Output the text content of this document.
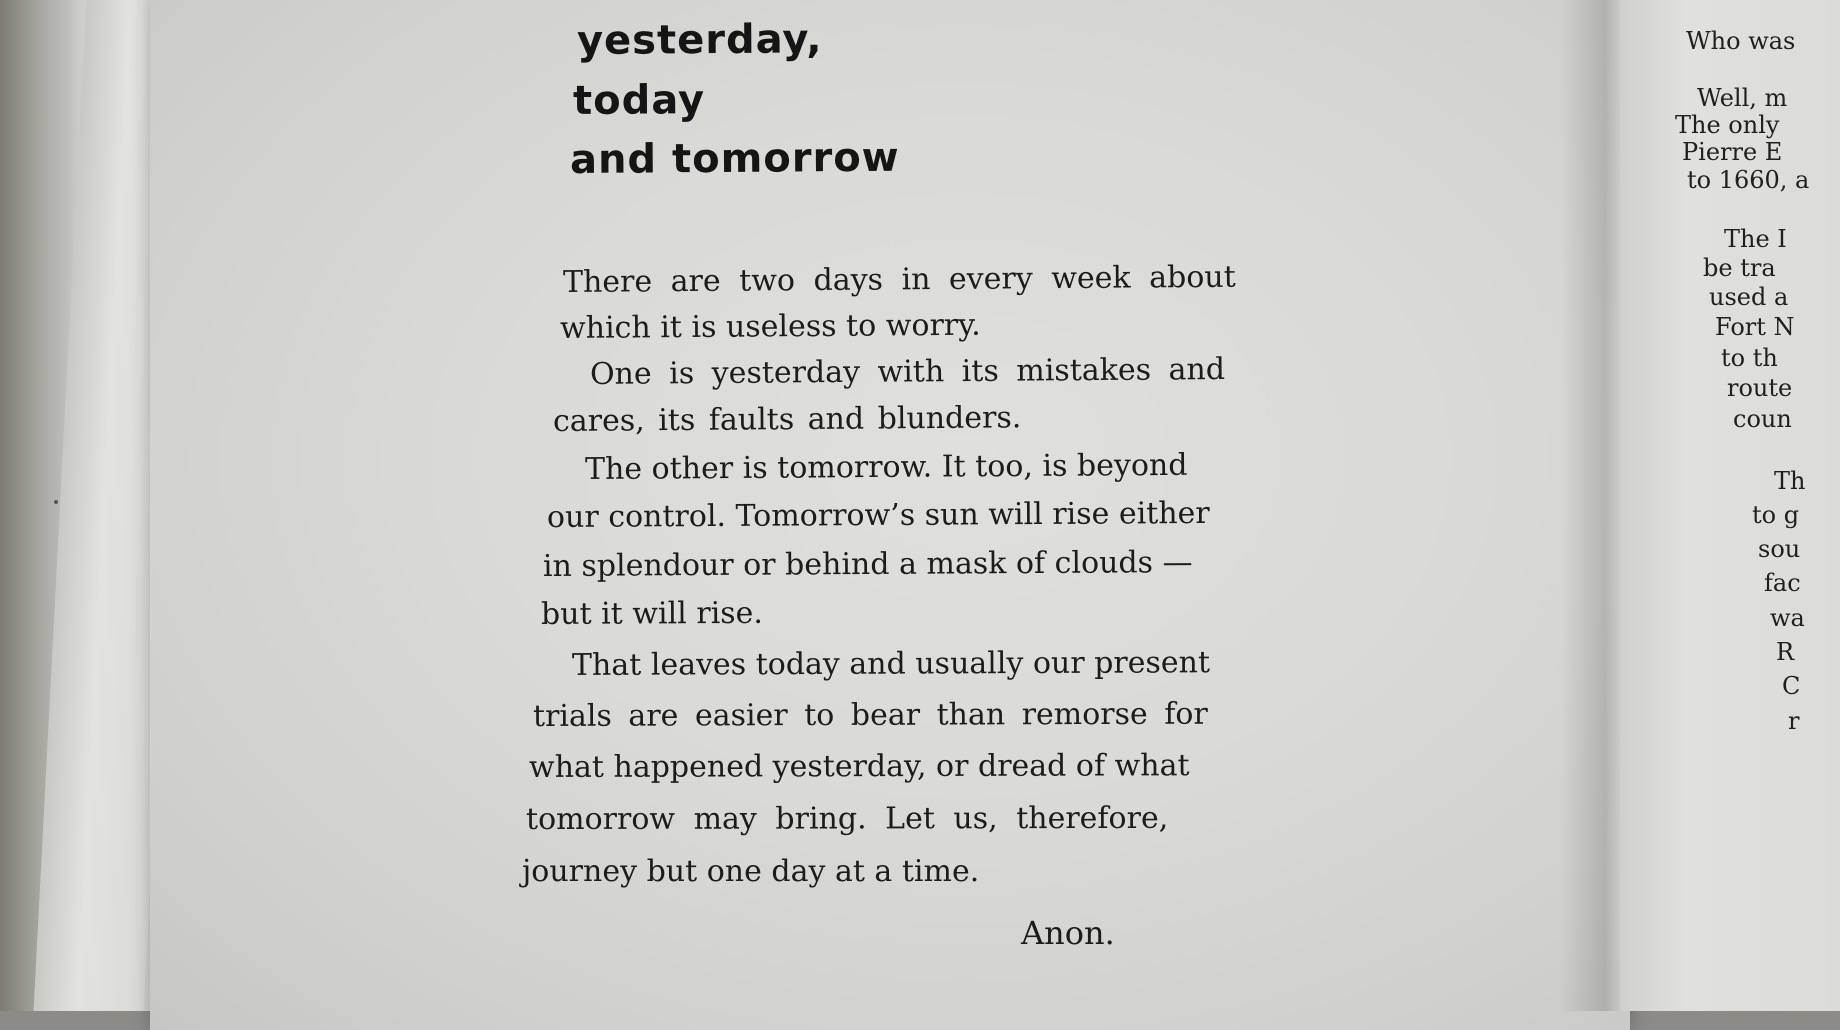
yesterday,
today
and tomorrow
There are two days in every week about
which it is useless to worry.
One is yesterday with its mistakes and
cares, its faults and blunders.
The other is tomorrow. It too, is beyond
our control. Tomorrow’s sun will rise either
in splendour or behind a mask of clouds —
but it will rise.
That leaves today and usually our present
trials are easier to bear than remorse for
what happened yesterday, or dread of what
tomorrow may bring. Let us, therefore,
journey but one day at a time.
Anon.
Who was
Well, m
The only
Pierre E
to 1660, a
The I
be tra
used a
Fort N
to th
route
coun
Th
to g
sou
fac
wa
R
C
r
